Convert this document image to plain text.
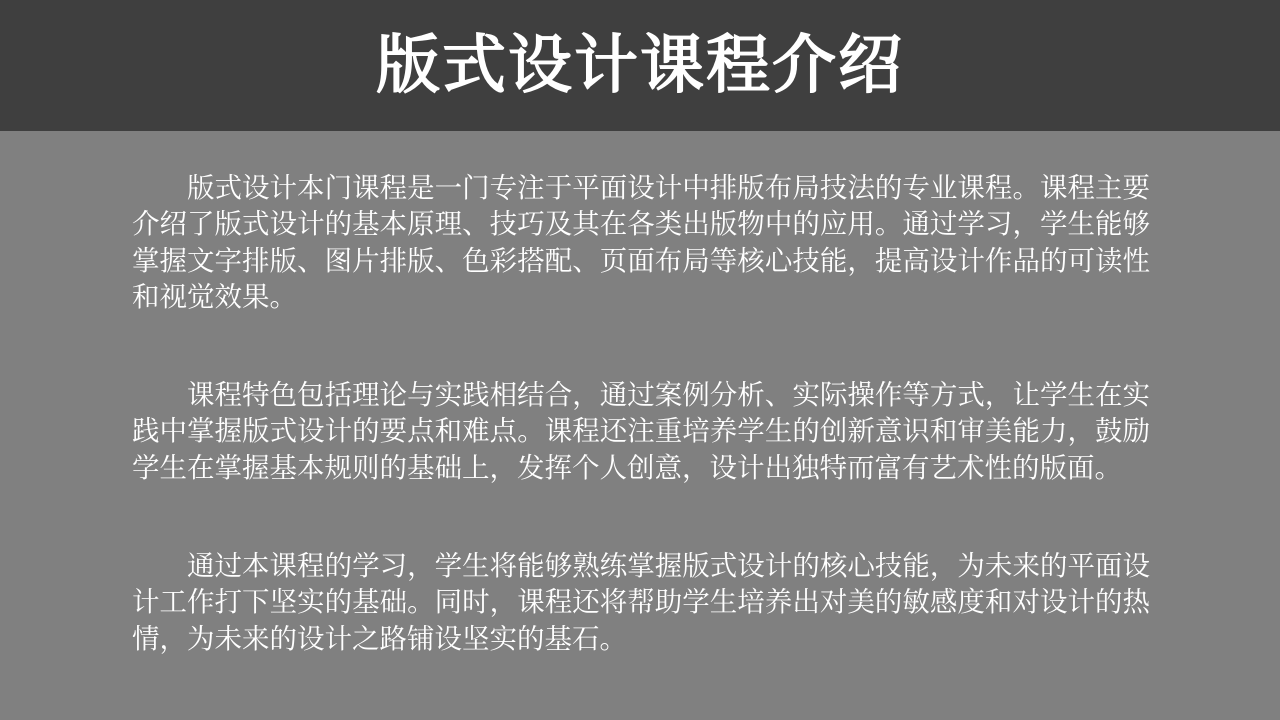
版式设计课程介绍

版式设计本门课程是一门专注于平面设计中排版布局技法的专业课程。课程主要介绍了版式设计的基本原理、技巧及其在各类出版物中的应用。通过学习，学生能够掌握文字排版、图片排版、色彩搭配、页面布局等核心技能，提高设计作品的可读性和视觉效果。

课程特色包括理论与实践相结合，通过案例分析、实际操作等方式，让学生在实践中掌握版式设计的要点和难点。课程还注重培养学生的创新意识和审美能力，鼓励学生在掌握基本规则的基础上，发挥个人创意，设计出独特而富有艺术性的版面。

通过本课程的学习，学生将能够熟练掌握版式设计的核心技能，为未来的平面设计工作打下坚实的基础。同时，课程还将帮助学生培养出对美的敏感度和对设计的热情，为未来的设计之路铺设坚实的基石。
